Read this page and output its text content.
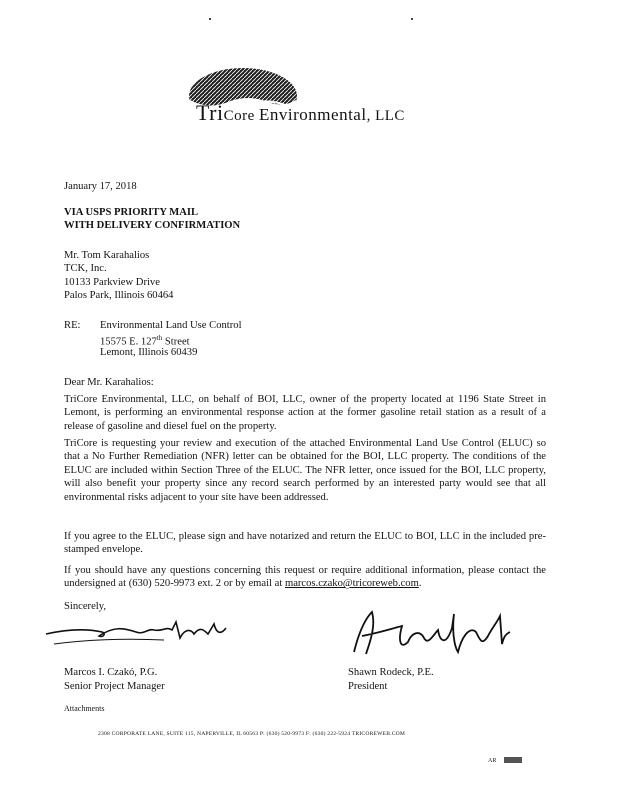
TriCore Environmental, LLC
January 17, 2018
VIA USPS PRIORITY MAIL
WITH DELIVERY CONFIRMATION
Mr. Tom Karahalios
TCK, Inc.
10133 Parkview Drive
Palos Park, Illinois 60464
RE: Environmental Land Use Control
15575 E. 127th Street
Lemont, Illinois 60439
Dear Mr. Karahalios:
TriCore Environmental, LLC, on behalf of BOI, LLC, owner of the property located at 1196 State Street in Lemont, is performing an environmental response action at the former gasoline retail station as a result of a release of gasoline and diesel fuel on the property.
TriCore is requesting your review and execution of the attached Environmental Land Use Control (ELUC) so that a No Further Remediation (NFR) letter can be obtained for the BOI, LLC property. The conditions of the ELUC are included within Section Three of the ELUC. The NFR letter, once issued for the BOI, LLC property, will also benefit your property since any record search performed by an interested party would see that all environmental risks adjacent to your site have been addressed.
If you agree to the ELUC, please sign and have notarized and return the ELUC to BOI, LLC in the included pre-stamped envelope.
If you should have any questions concerning this request or require additional information, please contact the undersigned at (630) 520-9973 ext. 2 or by email at marcos.czako@tricoreweb.com.
Sincerely,
Marcos I. Czakó, P.G.
Senior Project Manager
Shawn Rodeck, P.E.
President
Attachments
2308 CORPORATE LANE, SUITE 115, NAPERVILLE, IL 60563 P: (630) 520-9973 F: (630) 222-5924 TRICOREWEB.COM
AR
